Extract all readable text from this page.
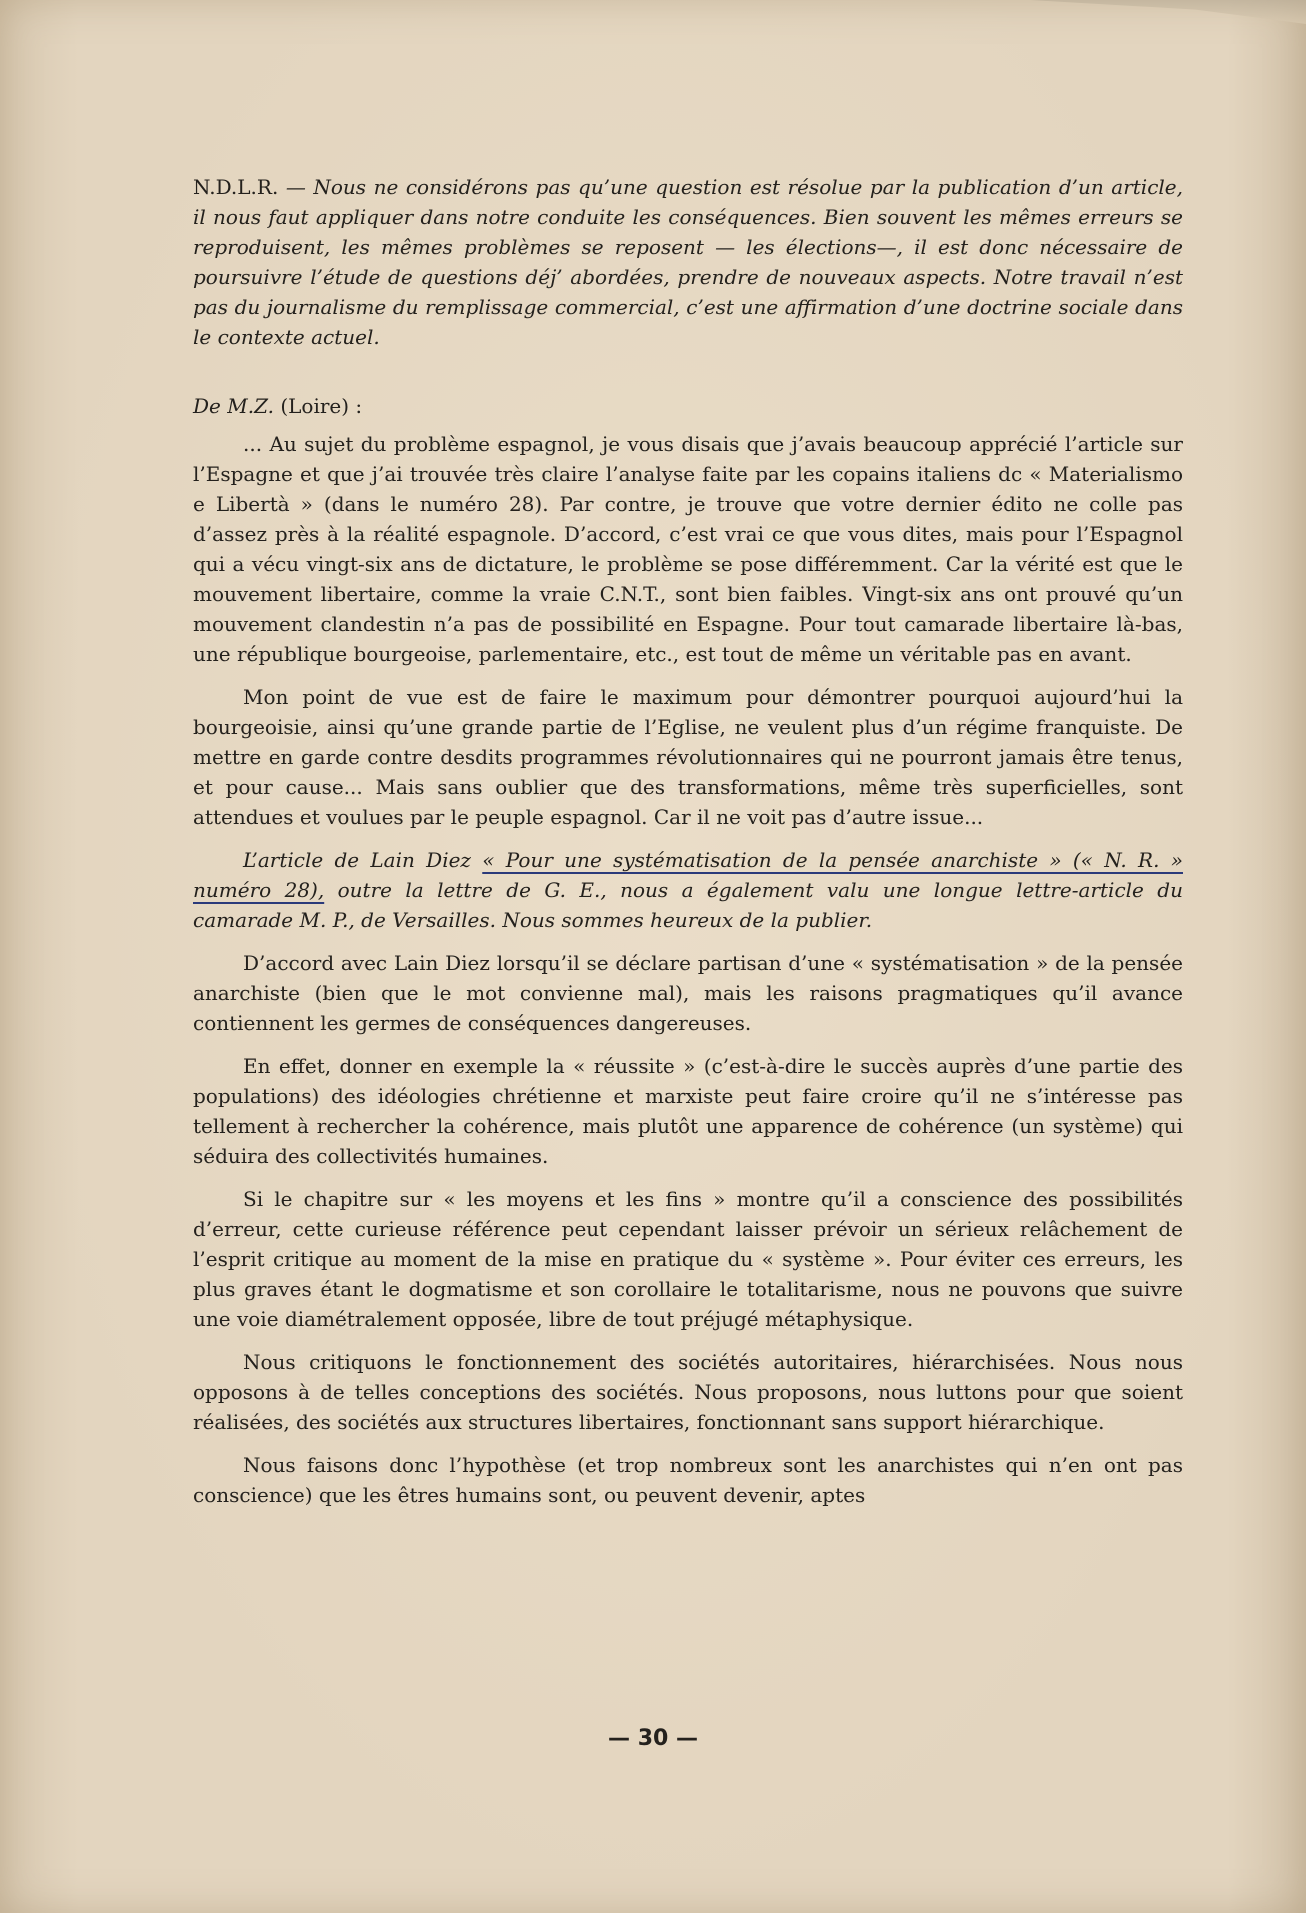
N.D.L.R. — Nous ne considérons pas qu’une question est résolue par la publication d’un article, il nous faut appliquer dans notre conduite les conséquences. Bien souvent les mêmes erreurs se reproduisent, les mêmes problèmes se reposent — les élections—, il est donc nécessaire de poursuivre l’étude de questions déj’ abordées, prendre de nouveaux aspects. Notre travail n’est pas du journalisme du remplissage commercial, c’est une affirmation d’une doctrine sociale dans le contexte actuel.

De M.Z. (Loire) :

... Au sujet du problème espagnol, je vous disais que j’avais beaucoup apprécié l’article sur l’Espagne et que j’ai trouvée très claire l’analyse faite par les copains italiens dc « Materialismo e Libertà » (dans le numéro 28). Par contre, je trouve que votre dernier édito ne colle pas d’assez près à la réalité espagnole. D’accord, c’est vrai ce que vous dites, mais pour l’Espagnol qui a vécu vingt-six ans de dictature, le problème se pose différemment. Car la vérité est que le mouvement libertaire, comme la vraie C.N.T., sont bien faibles. Vingt-six ans ont prouvé qu’un mouvement clandestin n’a pas de possibilité en Espagne. Pour tout camarade libertaire là-bas, une république bourgeoise, parlementaire, etc., est tout de même un véritable pas en avant.

Mon point de vue est de faire le maximum pour démontrer pourquoi aujourd’hui la bourgeoisie, ainsi qu’une grande partie de l’Eglise, ne veulent plus d’un régime franquiste. De mettre en garde contre desdits programmes révolutionnaires qui ne pourront jamais être tenus, et pour cause... Mais sans oublier que des transformations, même très superficielles, sont attendues et voulues par le peuple espagnol. Car il ne voit pas d’autre issue...

L’article de Lain Diez « Pour une systématisation de la pensée anarchiste » (« N. R. » numéro 28), outre la lettre de G. E., nous a également valu une longue lettre-article du camarade M. P., de Versailles. Nous sommes heureux de la publier.

D’accord avec Lain Diez lorsqu’il se déclare partisan d’une « systématisation » de la pensée anarchiste (bien que le mot convienne mal), mais les raisons pragmatiques qu’il avance contiennent les germes de conséquences dangereuses.

En effet, donner en exemple la « réussite » (c’est-à-dire le succès auprès d’une partie des populations) des idéologies chrétienne et marxiste peut faire croire qu’il ne s’intéresse pas tellement à rechercher la cohérence, mais plutôt une apparence de cohérence (un système) qui séduira des collectivités humaines.

Si le chapitre sur « les moyens et les fins » montre qu’il a conscience des possibilités d’erreur, cette curieuse référence peut cependant laisser prévoir un sérieux relâchement de l’esprit critique au moment de la mise en pratique du « système ». Pour éviter ces erreurs, les plus graves étant le dogmatisme et son corollaire le totalitarisme, nous ne pouvons que suivre une voie diamétralement opposée, libre de tout préjugé métaphysique.

Nous critiquons le fonctionnement des sociétés autoritaires, hiérarchisées. Nous nous opposons à de telles conceptions des sociétés. Nous proposons, nous luttons pour que soient réalisées, des sociétés aux structures libertaires, fonctionnant sans support hiérarchique.

Nous faisons donc l’hypothèse (et trop nombreux sont les anarchistes qui n’en ont pas conscience) que les êtres humains sont, ou peuvent devenir, aptes

— 30 —
